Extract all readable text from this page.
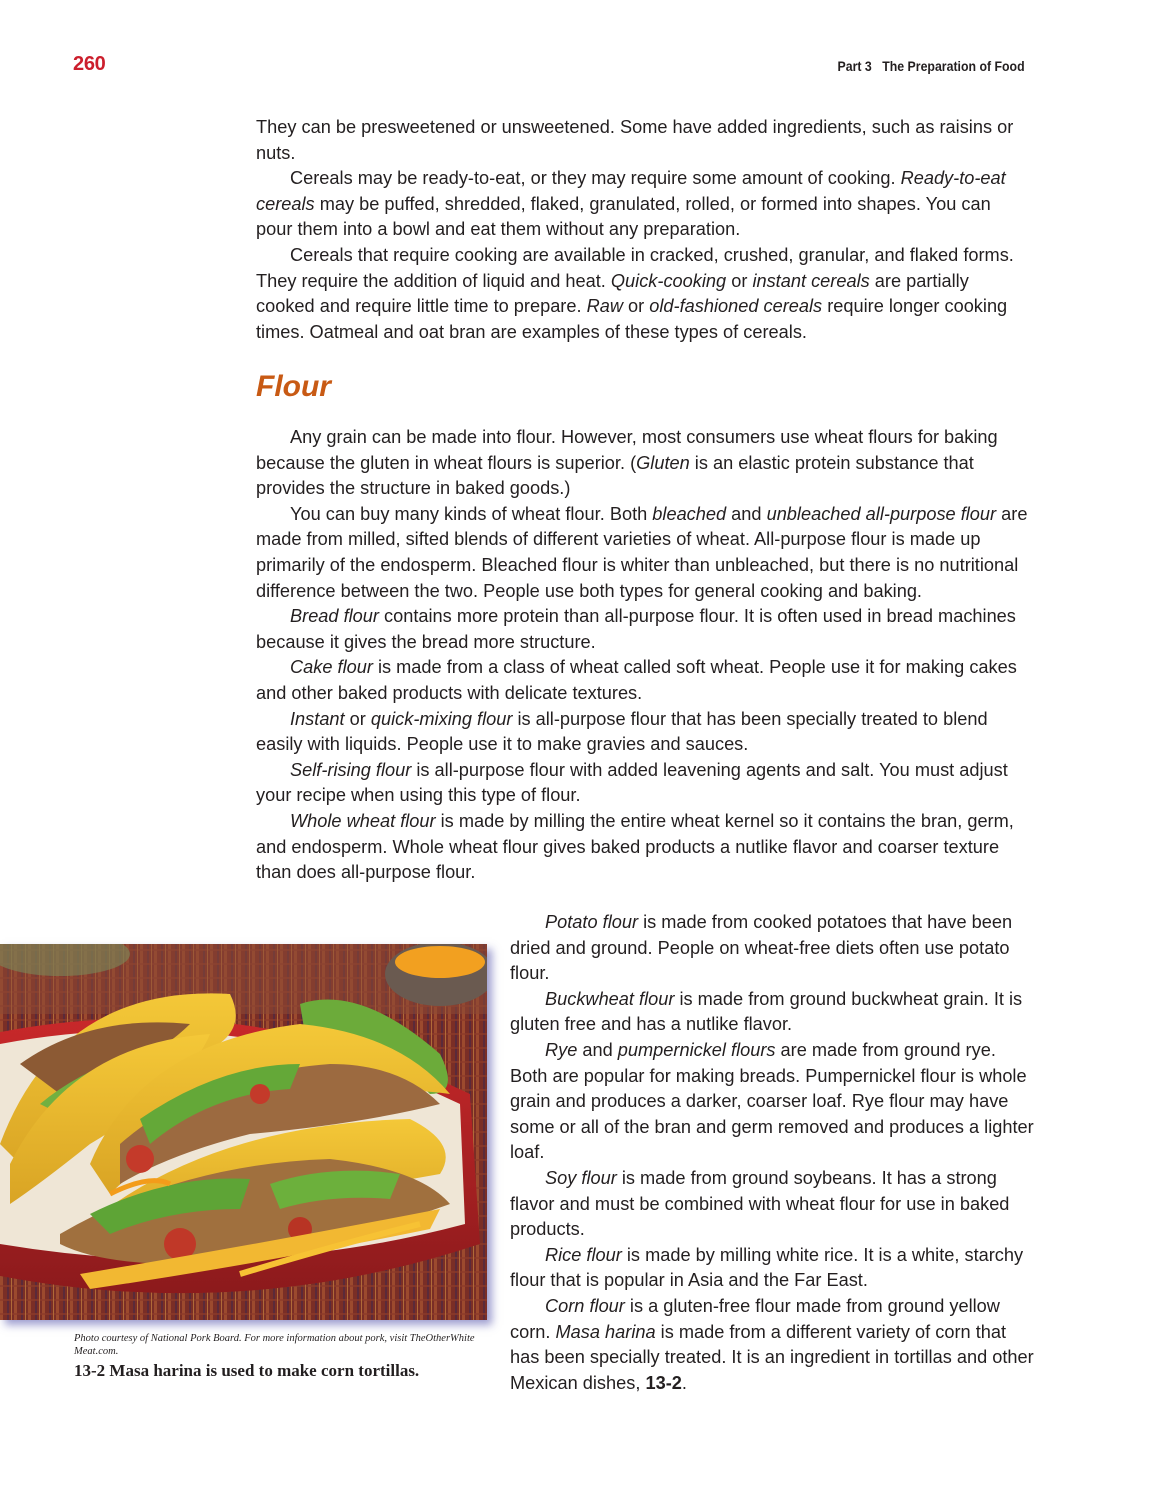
260	Part 3 The Preparation of Food

They can be presweetened or unsweetened. Some have added ingredients, such as raisins or nuts.

Cereals may be ready-to-eat, or they may require some amount of cooking. Ready-to-eat cereals may be puffed, shredded, flaked, granulated, rolled, or formed into shapes. You can pour them into a bowl and eat them without any preparation.

Cereals that require cooking are available in cracked, crushed, granular, and flaked forms. They require the addition of liquid and heat. Quick-cooking or instant cereals are partially cooked and require little time to prepare. Raw or old-fashioned cereals require longer cooking times. Oatmeal and oat bran are examples of these types of cereals.

Flour

Any grain can be made into flour. However, most consumers use wheat flours for baking because the gluten in wheat flours is superior. (Gluten is an elastic protein substance that provides the structure in baked goods.)

You can buy many kinds of wheat flour. Both bleached and unbleached all-purpose flour are made from milled, sifted blends of different varieties of wheat. All-purpose flour is made up primarily of the endosperm. Bleached flour is whiter than unbleached, but there is no nutritional difference between the two. People use both types for general cooking and baking.

Bread flour contains more protein than all-purpose flour. It is often used in bread machines because it gives the bread more structure.

Cake flour is made from a class of wheat called soft wheat. People use it for making cakes and other baked products with delicate textures.

Instant or quick-mixing flour is all-purpose flour that has been specially treated to blend easily with liquids. People use it to make gravies and sauces.

Self-rising flour is all-purpose flour with added leavening agents and salt. You must adjust your recipe when using this type of flour.

Whole wheat flour is made by milling the entire wheat kernel so it contains the bran, germ, and endosperm. Whole wheat flour gives baked products a nutlike flavor and coarser texture than does all-purpose flour.

Potato flour is made from cooked potatoes that have been dried and ground. People on wheat-free diets often use potato flour.

Buckwheat flour is made from ground buckwheat grain. It is gluten free and has a nutlike flavor.

Rye and pumpernickel flours are made from ground rye. Both are popular for making breads. Pumpernickel flour is whole grain and produces a darker, coarser loaf. Rye flour may have some or all of the bran and germ removed and produces a lighter loaf.

Soy flour is made from ground soybeans. It has a strong flavor and must be combined with wheat flour for use in baked products.

Rice flour is made by milling white rice. It is a white, starchy flour that is popular in Asia and the Far East.

Corn flour is a gluten-free flour made from ground yellow corn. Masa harina is made from a different variety of corn that has been specially treated. It is an ingredient in tortillas and other Mexican dishes, 13-2.

Photo courtesy of National Pork Board. For more information about pork, visit TheOtherWhite Meat.com.
13-2 Masa harina is used to make corn tortillas.
